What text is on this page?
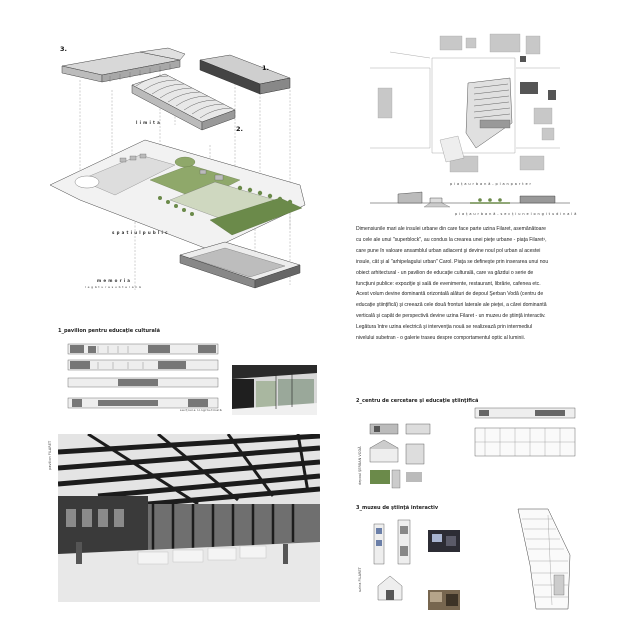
3.
1.
2.
l i m i t a
s p a t i u l p u b l i c
m e m o r i a
l e g ă t u r a s u b t e r a n ă
p i a ț a u r b a n ă - p l a n p a r t e r
p i a ț a u r b a n ă - s e c ț i u n e l o n g i t u d i n a l ă

Dimensiunile mari ale insulei urbane din care face parte uzina Filaret, asemănătoare
cu cele ale unui "superblock", au condus la crearea unei pieţe urbane - piaţa Filaret¹,
care pune în valoare ansamblul urban adiacent şi devine noul pol urban al acestei
insule, cât şi al "arhipelagului urban" Carol. Piaţa se defineşte prin inserarea unui nou
obiect arhitectural - un pavilion de educaţie culturală, care va găzdui o serie de
funcţiuni publice: expoziţie şi sală de evenimente, restaurant, librărie, cafenea etc.
Acest volum devine dominantă orizontală alături de depoul Şerban Vodă (centru de
educaţie ştiinţifică) şi creează cele două fronturi laterale ale pieţei, a cărei dominantă
verticală şi capăt de perspectivă devine uzina Filaret - un muzeu de ştiinţă interactiv.
Legătura între uzina electrică şi intervenţia nouă se realizează prin intermediul
nivelului subetran - o galerie traseu despre comportamentul optic al luminii.

1_pavilion pentru educaţie culturală
secţiune longitudinală
pavilion FILARET
2_centru de cercetare şi educaţie ştiinţifică
depoul ŞERBAN VODĂ
3_muzeu de ştiinţă interactiv
uzina FILARET
